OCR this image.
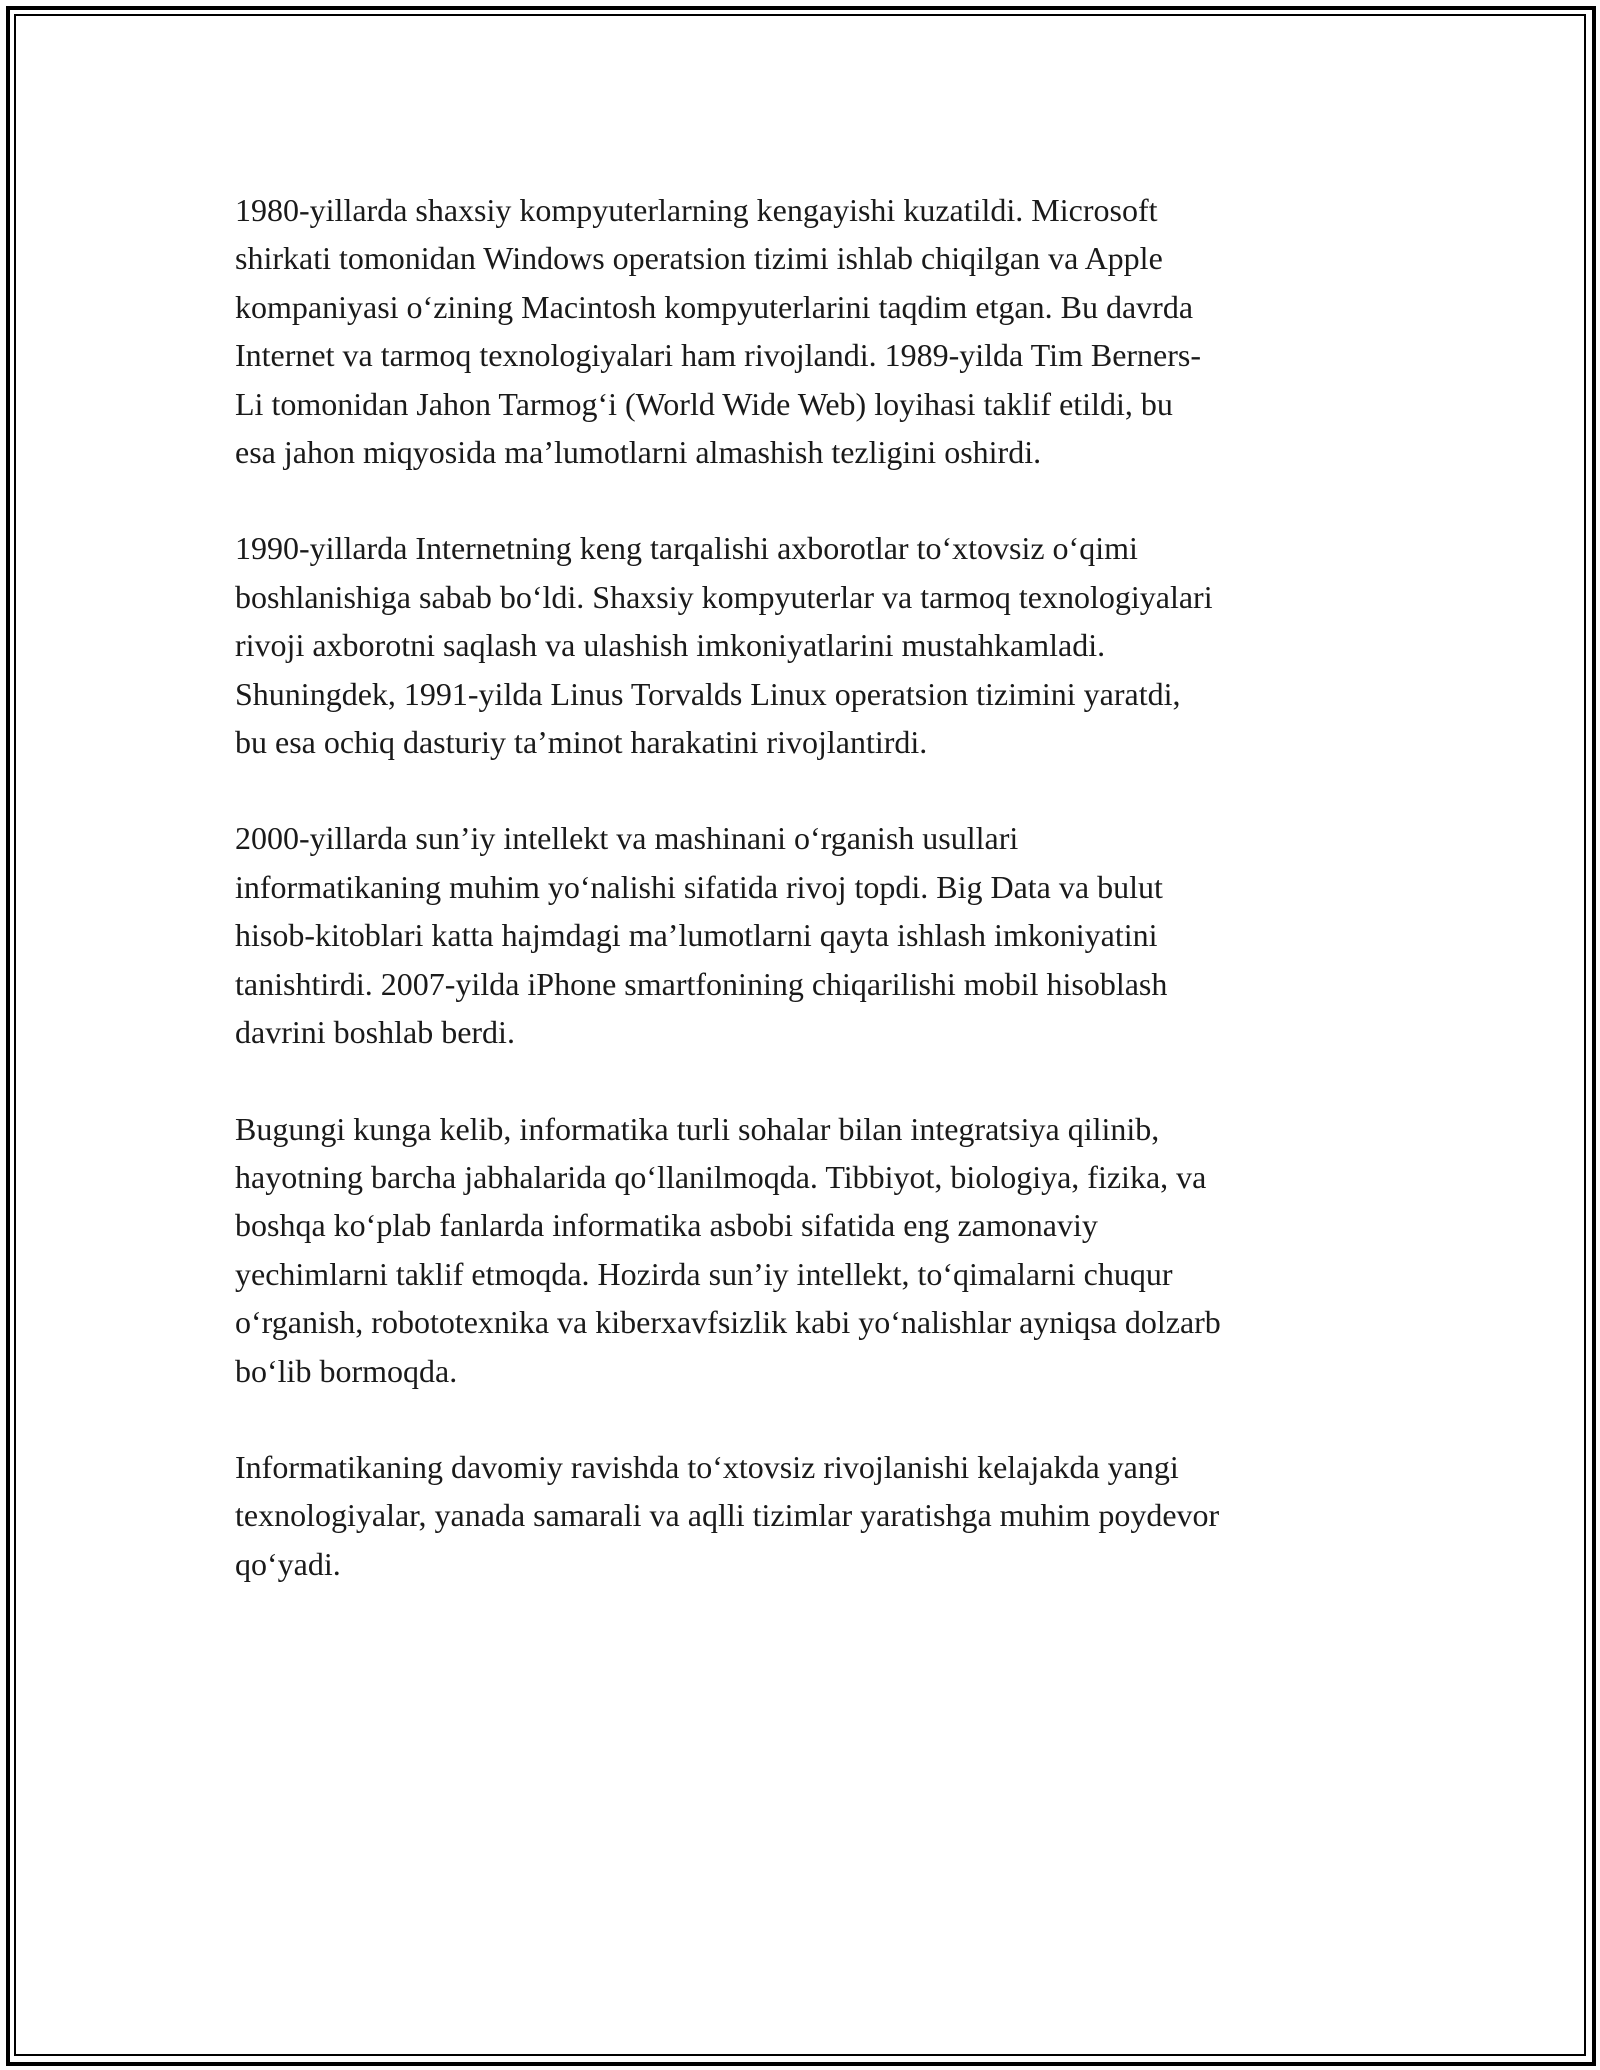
1980-yillarda shaxsiy kompyuterlarning kengayishi kuzatildi. Microsoft
shirkati tomonidan Windows operatsion tizimi ishlab chiqilgan va Apple
kompaniyasi o‘zining Macintosh kompyuterlarini taqdim etgan. Bu davrda
Internet va tarmoq texnologiyalari ham rivojlandi. 1989-yilda Tim Berners-
Li tomonidan Jahon Tarmog‘i (World Wide Web) loyihasi taklif etildi, bu
esa jahon miqyosida ma’lumotlarni almashish tezligini oshirdi.

1990-yillarda Internetning keng tarqalishi axborotlar to‘xtovsiz o‘qimi
boshlanishiga sabab bo‘ldi. Shaxsiy kompyuterlar va tarmoq texnologiyalari
rivoji axborotni saqlash va ulashish imkoniyatlarini mustahkamladi.
Shuningdek, 1991-yilda Linus Torvalds Linux operatsion tizimini yaratdi,
bu esa ochiq dasturiy ta’minot harakatini rivojlantirdi.

2000-yillarda sun’iy intellekt va mashinani o‘rganish usullari
informatikaning muhim yo‘nalishi sifatida rivoj topdi. Big Data va bulut
hisob-kitoblari katta hajmdagi ma’lumotlarni qayta ishlash imkoniyatini
tanishtirdi. 2007-yilda iPhone smartfonining chiqarilishi mobil hisoblash
davrini boshlab berdi.

Bugungi kunga kelib, informatika turli sohalar bilan integratsiya qilinib,
hayotning barcha jabhalarida qo‘llanilmoqda. Tibbiyot, biologiya, fizika, va
boshqa ko‘plab fanlarda informatika asbobi sifatida eng zamonaviy
yechimlarni taklif etmoqda. Hozirda sun’iy intellekt, to‘qimalarni chuqur
o‘rganish, robototexnika va kiberxavfsizlik kabi yo‘nalishlar ayniqsa dolzarb
bo‘lib bormoqda.

Informatikaning davomiy ravishda to‘xtovsiz rivojlanishi kelajakda yangi
texnologiyalar, yanada samarali va aqlli tizimlar yaratishga muhim poydevor
qo‘yadi.
